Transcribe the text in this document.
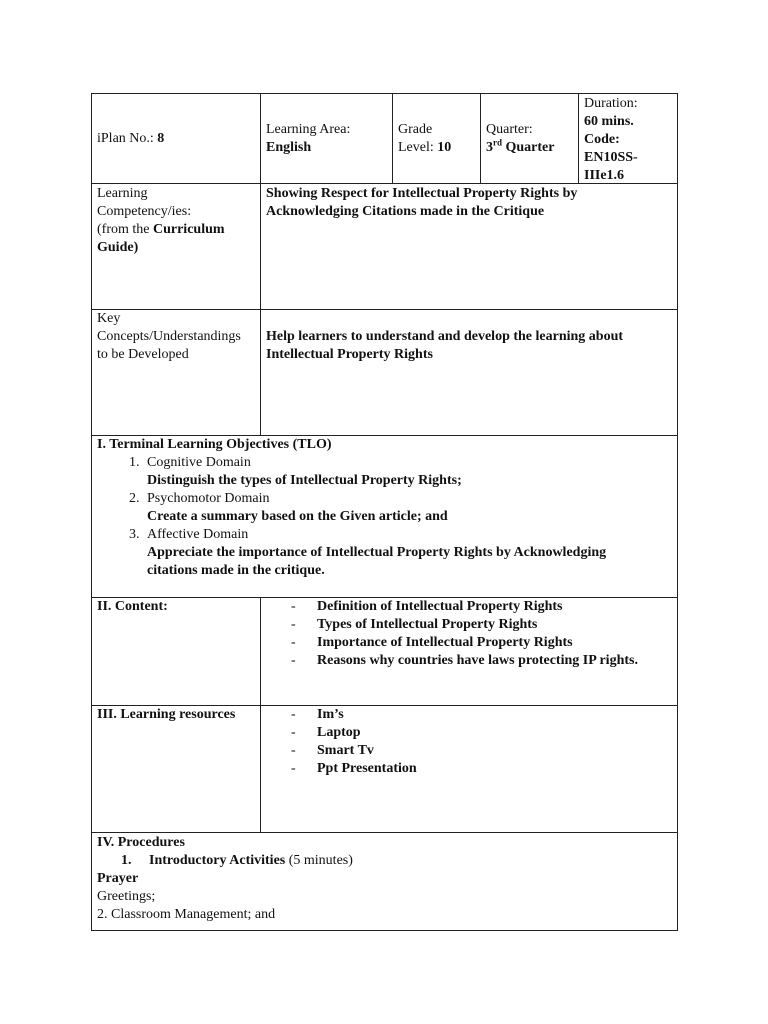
iPlan No.: 8
Learning Area:
English
Grade
Level: 10
Quarter:
3rd Quarter
Duration:
60 mins.
Code:
EN10SS-
IIIe1.6
Learning
Competency/ies:
(from the Curriculum
Guide)
Showing Respect for Intellectual Property Rights by
Acknowledging Citations made in the Critique
Key
Concepts/Understandings
to be Developed
Help learners to understand and develop the learning about
Intellectual Property Rights
I. Terminal Learning Objectives (TLO)
1. Cognitive Domain
Distinguish the types of Intellectual Property Rights;
2. Psychomotor Domain
Create a summary based on the Given article; and
3. Affective Domain
Appreciate the importance of Intellectual Property Rights by Acknowledging citations made in the critique.
II. Content:	- Definition of Intellectual Property Rights
- Types of Intellectual Property Rights
- Importance of Intellectual Property Rights
- Reasons why countries have laws protecting IP rights.
III. Learning resources	- Im’s
- Laptop
- Smart Tv
- Ppt Presentation
IV. Procedures
1. Introductory Activities (5 minutes)
Prayer
Greetings;
2. Classroom Management; and
